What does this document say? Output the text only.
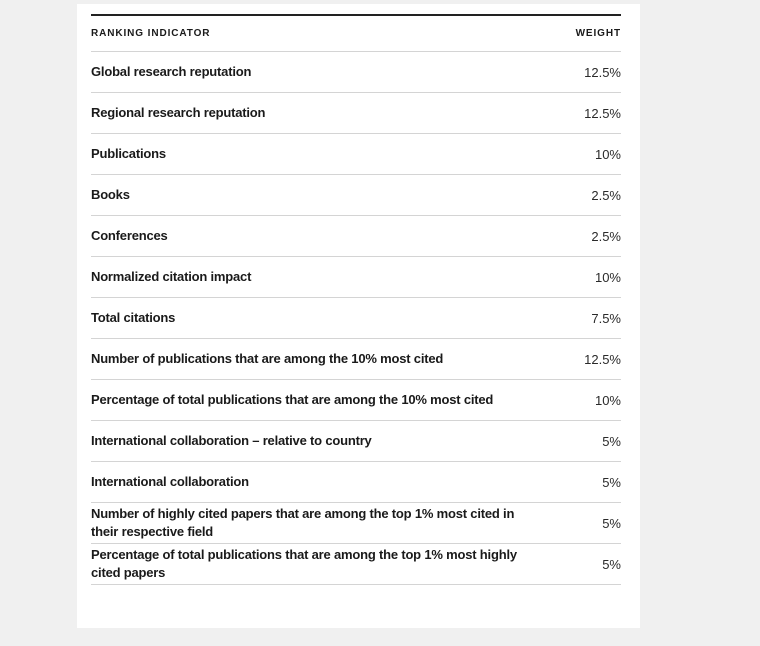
RANKING INDICATOR	WEIGHT
Global research reputation	12.5%
Regional research reputation	12.5%
Publications	10%
Books	2.5%
Conferences	2.5%
Normalized citation impact	10%
Total citations	7.5%
Number of publications that are among the 10% most cited	12.5%
Percentage of total publications that are among the 10% most cited	10%
International collaboration – relative to country	5%
International collaboration	5%
Number of highly cited papers that are among the top 1% most cited in their respective field	5%
Percentage of total publications that are among the top 1% most highly cited papers	5%
